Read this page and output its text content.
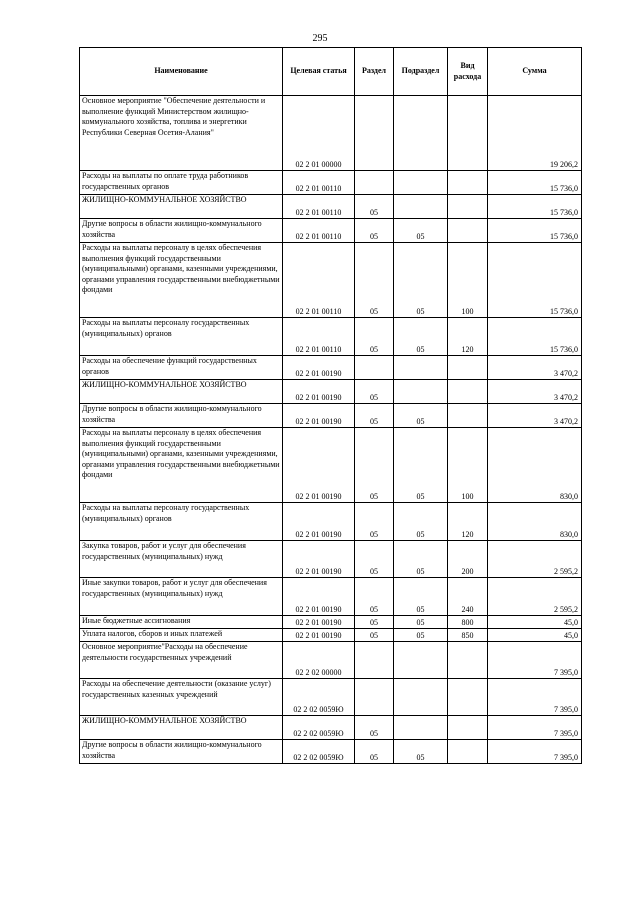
295
Наименование	Целевая статья	Раздел	Подраздел	Вид расхода	Сумма
Основное мероприятие "Обеспечение деятельности и выполнение функций Министерством жилищно-коммунального хозяйства, топлива и энергетики Республики Северная Осетия-Алания"	02 2 01 00000				19 206,2
Расходы на выплаты по оплате труда работников государственных органов	02 2 01 00110				15 736,0
ЖИЛИЩНО-КОММУНАЛЬНОЕ ХОЗЯЙСТВО	02 2 01 00110	05			15 736,0
Другие вопросы в области жилищно-коммунального хозяйства	02 2 01 00110	05	05		15 736,0
Расходы на выплаты персоналу в целях обеспечения выполнения функций государственными (муниципальными) органами, казенными учреждениями, органами управления государственными внебюджетными фондами	02 2 01 00110	05	05	100	15 736,0
Расходы на выплаты персоналу государственных (муниципальных) органов	02 2 01 00110	05	05	120	15 736,0
Расходы на обеспечение функций государственных органов	02 2 01 00190				3 470,2
ЖИЛИЩНО-КОММУНАЛЬНОЕ ХОЗЯЙСТВО	02 2 01 00190	05			3 470,2
Другие вопросы в области жилищно-коммунального хозяйства	02 2 01 00190	05	05		3 470,2
Расходы на выплаты персоналу в целях обеспечения выполнения функций государственными (муниципальными) органами, казенными учреждениями, органами управления государственными внебюджетными фондами	02 2 01 00190	05	05	100	830,0
Расходы на выплаты персоналу государственных (муниципальных) органов	02 2 01 00190	05	05	120	830,0
Закупка товаров, работ и услуг для обеспечения государственных (муниципальных) нужд	02 2 01 00190	05	05	200	2 595,2
Иные закупки товаров, работ и услуг для обеспечения государственных (муниципальных) нужд	02 2 01 00190	05	05	240	2 595,2
Иные бюджетные ассигнования	02 2 01 00190	05	05	800	45,0
Уплата налогов, сборов и иных платежей	02 2 01 00190	05	05	850	45,0
Основное мероприятие"Расходы на обеспечение деятельности государственных учреждений	02 2 02 00000				7 395,0
Расходы на обеспечение деятельности (оказание услуг) государственных казенных учреждений	02 2 02 0059Ю				7 395,0
ЖИЛИЩНО-КОММУНАЛЬНОЕ ХОЗЯЙСТВО	02 2 02 0059Ю	05			7 395,0
Другие вопросы в области жилищно-коммунального хозяйства	02 2 02 0059Ю	05	05		7 395,0
